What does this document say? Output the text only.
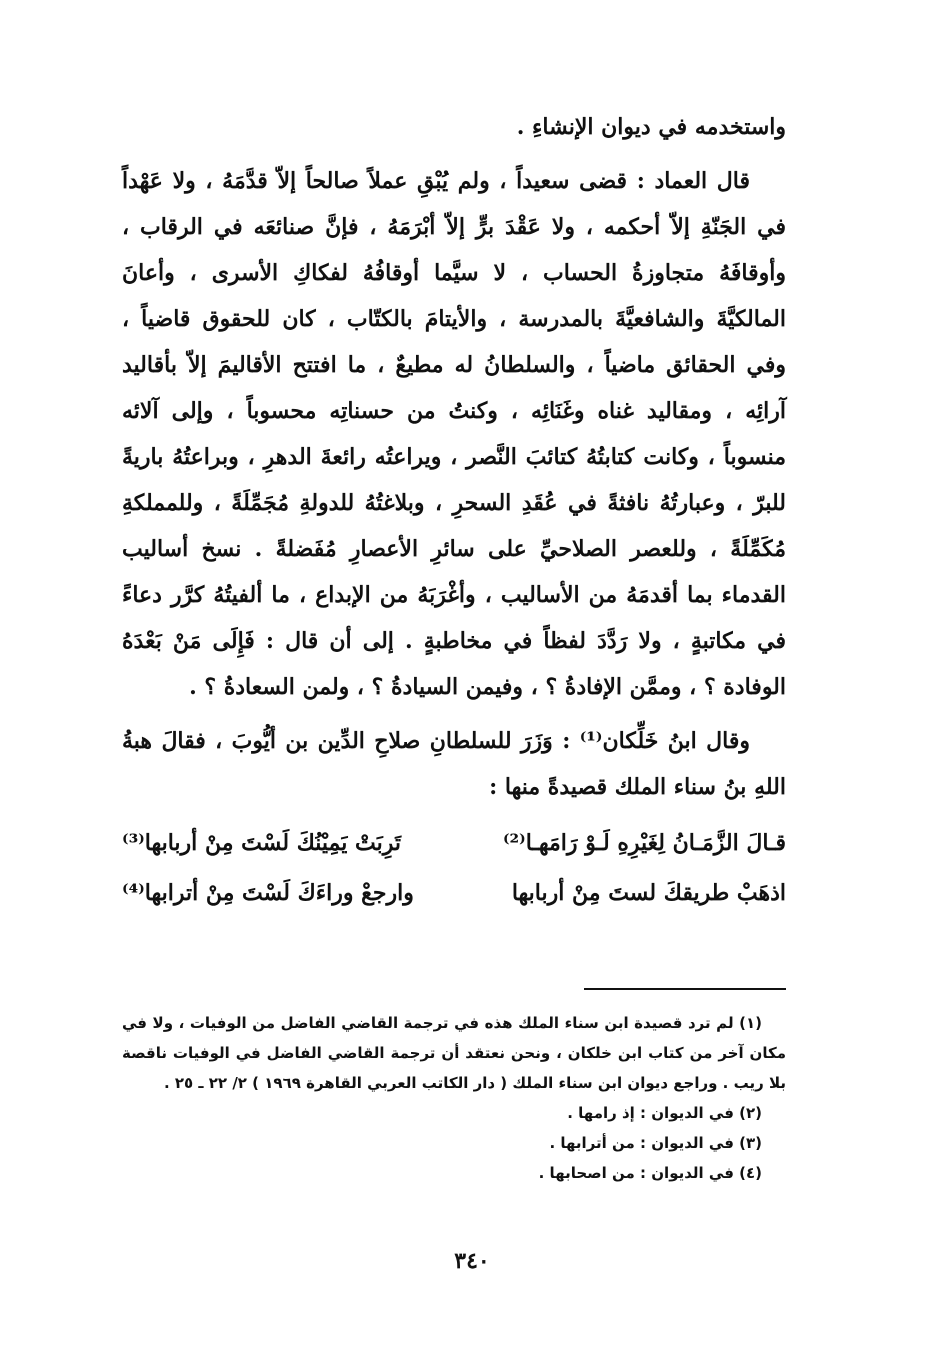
واستخدمه في ديوان الإنشاءِ .

قال العماد : قضى سعيداً ، ولم يُبْقِ عملاً صالحاً إلاّ قدَّمَهُ ، ولا عَهْداً في الجَنّةِ إلاّ أحكمه ، ولا عَقْدَ برٍّ إلاّ أبْرَمَهُ ، فإنَّ صنائعَه في الرقاب ، وأوقافَهُ متجاوزةُ الحساب ، لا سيَّما أوقافُهُ لفكاكِ الأسرى ، وأعانَ المالكيَّةَ والشافعيَّةَ بالمدرسة ، والأيتامَ بالكتّاب ، كان للحقوق قاضياً ، وفي الحقائق ماضياً ، والسلطانُ له مطيعٌ ، ما افتتح الأقاليمَ إلاّ بأقاليد آرائِه ، ومقاليد غناه وغَنَائِه ، وكنتُ من حسناتِه محسوباً ، وإلى آلائه منسوباً ، وكانت كتابتُهُ كتائبَ النَّصر ، ويراعتُه رائعةَ الدهرِ ، وبراعتُهُ باريةً للبرّ ، وعبارتُهُ نافثةً في عُقَدِ السحرِ ، وبلاغتُهُ للدولةِ مُجَمِّلَةً ، وللمملكةِ مُكَمِّلَةً ، وللعصر الصلاحيِّ على سائرِ الأعصارِ مُفَضلةً . نسخ أساليب القدماء بما أقدمَهُ من الأساليب ، وأغْرَبَهُ من الإبداع ، ما ألفيتُهُ كرَّر دعاءً في مكاتبةٍ ، ولا رَدَّدَ لفظاً في مخاطبةٍ . إلى أن قال : فَإِلَى مَنْ بَعْدَهُ الوفادة ؟ ، وممَّن الإفادةُ ؟ ، وفيمن السيادةُ ؟ ، ولمن السعادةُ ؟ .

وقال ابنُ خَلِّكان⁽¹⁾ : وَزَرَ للسلطانِ صلاحِ الدِّين بن أيُّوبَ ، فقالَ هبةُ اللهِ بنُ سناء الملك قصيدةً منها :

قـالَ الزَّمَـانُ لِغَيْرِهِ لَـوْ رَامَهـا⁽²⁾
تَرِبَتْ يَمِيْنُكَ لَسْتَ مِنْ أربابها⁽³⁾
اذهَبْ طريقكَ لستَ مِنْ أربابها
وارجعْ وراءَكَ لَسْتَ مِنْ أترابها⁽⁴⁾

(١) لم ترد قصيدة ابن سناء الملك هذه في ترجمة القاضي الفاضل من الوفيات ، ولا في مكان آخر من كتاب ابن خلكان ، ونحن نعتقد أن ترجمة القاضي الفاضل في الوفيات ناقصة بلا ريب . وراجع ديوان ابن سناء الملك ( دار الكاتب العربي القاهرة ١٩٦٩ ) ٢/ ٢٢ ـ ٢٥ .

(٢) في الديوان : إذ رامها .

(٣) في الديوان : من أترابها .

(٤) في الديوان : من اصحابها .

٣٤٠
